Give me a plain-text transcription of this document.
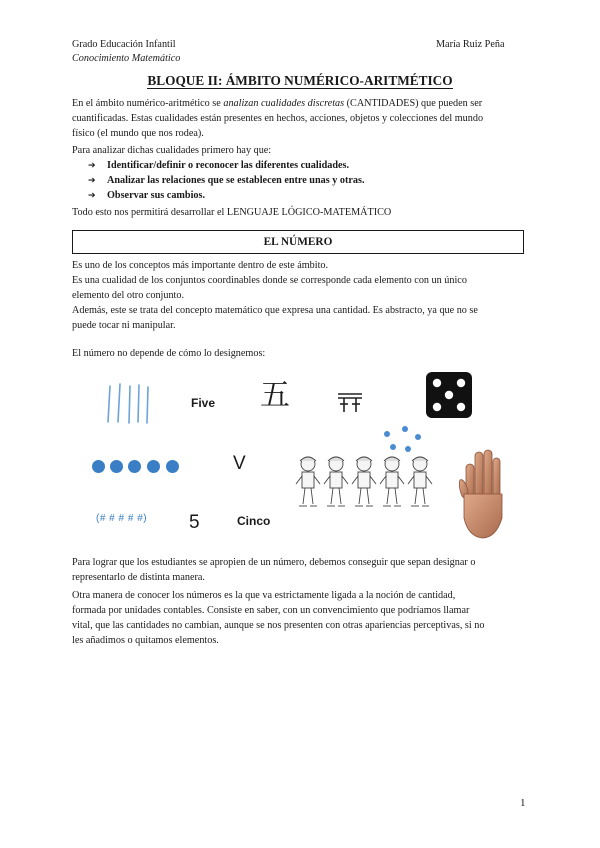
Grado Educación Infantil
Conocimiento Matemático
María Ruiz Peña
BLOQUE II: ÁMBITO NUMÉRICO-ARITMÉTICO
En el ámbito numérico-aritmético se analizan cualidades discretas (CANTIDADES) que pueden ser
cuantificadas. Estas cualidades están presentes en hechos, acciones, objetos y colecciones del mundo
físico (el mundo que nos rodea).
Para analizar dichas cualidades primero hay que:
➔ Identificar/definir o reconocer las diferentes cualidades.
➔ Analizar las relaciones que se establecen entre unas y otras.
➔ Observar sus cambios.
Todo esto nos permitirá desarrollar el LENGUAJE LÓGICO-MATEMÁTICO
EL NÚMERO
Es uno de los conceptos más importante dentro de este ámbito.
Es una cualidad de los conjuntos coordinables donde se corresponde cada elemento con un único
elemento del otro conjunto.
Además, este se trata del concepto matemático que expresa una cantidad. Es abstracto, ya que no se
puede tocar ni manipular.
El número no depende de cómo lo designemos:
Five 五
V
(# # # # #) 5	Cinco
Para lograr que los estudiantes se apropien de un número, debemos conseguir que sepan designar o
representarlo de distinta manera.
Otra manera de conocer los números es la que va estrictamente ligada a la noción de cantidad,
formada por unidades contables. Consiste en saber, con un convencimiento que podríamos llamar
vital, que las cantidades no cambian, aunque se nos presenten con otras apariencias perceptivas, si no
les añadimos o quitamos elementos.
1
